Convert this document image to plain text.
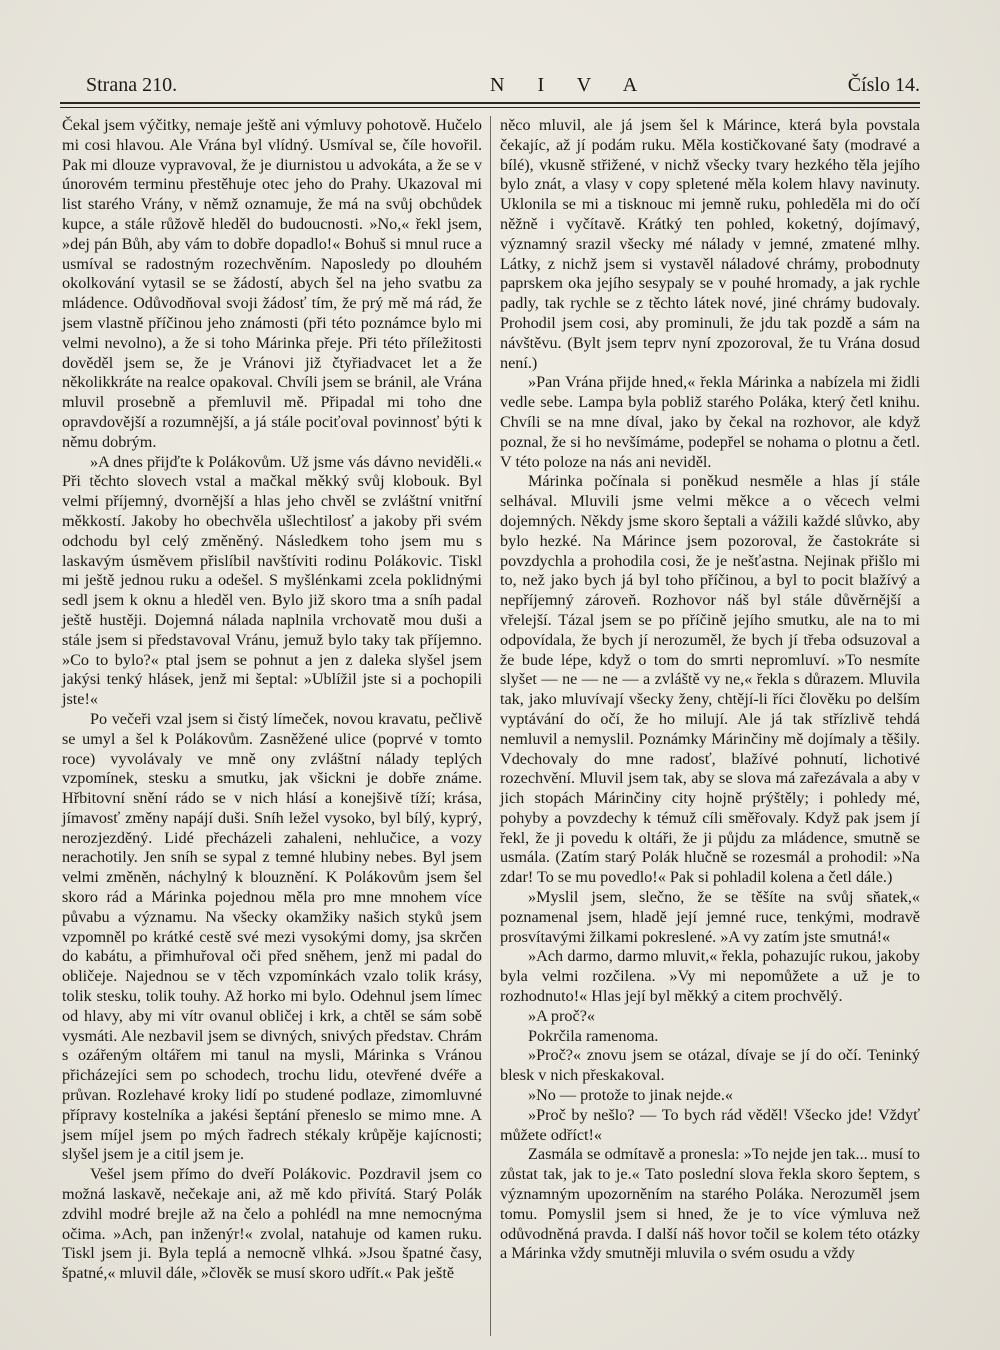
Strana 210.	N I V A	Číslo 14.

Čekal jsem výčitky, nemaje ještě ani výmluvy pohotově. Hučelo mi cosi hlavou. Ale Vrána byl vlídný. Usmíval se, číle hovořil. Pak mi dlouze vypravoval, že je diurnistou u advokáta, a že se v únorovém terminu přestěhuje otec jeho do Prahy. Ukazoval mi list starého Vrány, v němž oznamuje, že má na svůj obchůdek kupce, a stále růžově hleděl do budoucnosti. »No,« řekl jsem, »dej pán Bůh, aby vám to dobře dopadlo!« Bohuš si mnul ruce a usmíval se radostným rozechvěním. Naposledy po dlouhém okolkování vytasil se se žádostí, abych šel na jeho svatbu za mládence. Odůvodňoval svoji žádosť tím, že prý mě má rád, že jsem vlastně příčinou jeho známosti (při této poznámce bylo mi velmi nevolno), a že si toho Márinka přeje. Při této příležitosti dověděl jsem se, že je Vránovi již čtyřiadvacet let a že několikkráte na realce opakoval. Chvíli jsem se bránil, ale Vrána mluvil prosebně a přemluvil mě. Připadal mi toho dne opravdovější a rozumnější, a já stále pociťoval povinnosť býti k němu dobrým.

»A dnes přijďte k Polákovům. Už jsme vás dávno neviděli.« Při těchto slovech vstal a mačkal měkký svůj klobouk. Byl velmi příjemný, dvornější a hlas jeho chvěl se zvláštní vnitřní měkkostí. Jakoby ho obechvěla ušlechtilosť a jakoby při svém odchodu byl celý změněný. Následkem toho jsem mu s laskavým úsměvem přislíbil navštíviti rodinu Polákovic. Tiskl mi ještě jednou ruku a odešel. S myšlénkami zcela poklidnými sedl jsem k oknu a hleděl ven. Bylo již skoro tma a sníh padal ještě hustěji. Dojemná nálada naplnila vrchovatě mou duši a stále jsem si představoval Vránu, jemuž bylo taky tak příjemno. »Co to bylo?« ptal jsem se pohnut a jen z daleka slyšel jsem jakýsi tenký hlásek, jenž mi šeptal: »Ublížil jste si a pochopili jste!«

Po večeři vzal jsem si čistý límeček, novou kravatu, pečlivě se umyl a šel k Polákovům. Zasněžené ulice (poprvé v tomto roce) vyvolávaly ve mně ony zvláštní nálady teplých vzpomínek, stesku a smutku, jak všickni je dobře známe. Hřbitovní snění rádo se v nich hlásí a konejšivě tíží; krása, jímavosť změny napájí duši. Sníh ležel vysoko, byl bílý, kyprý, nerozjezděný. Lidé přecházeli zahaleni, nehlučice, a vozy nerachotily. Jen sníh se sypal z temné hlubiny nebes. Byl jsem velmi změněn, náchylný k blouznění. K Polákovům jsem šel skoro rád a Márinka pojednou měla pro mne mnohem více půvabu a významu. Na všecky okamžiky našich styků jsem vzpomněl po krátké cestě své mezi vysokými domy, jsa skrčen do kabátu, a přimhuřoval oči před sněhem, jenž mi padal do obličeje. Najednou se v těch vzpomínkách vzalo tolik krásy, tolik stesku, tolik touhy. Až horko mi bylo. Odehnul jsem límec od hlavy, aby mi vítr ovanul obličej i krk, a chtěl se sám sobě vysmáti. Ale nezbavil jsem se divných, snivých představ. Chrám s ozářeným oltářem mi tanul na mysli, Márinka s Vránou přicházejíci sem po schodech, trochu lidu, otevřené dvéře a průvan. Rozlehavé kroky lidí po studené podlaze, zimomluvné přípravy kostelníka a jakési šeptání přeneslo se mimo mne. A jsem míjel jsem po mých řadrech stékaly krůpěje kajícnosti; slyšel jsem je a citil jsem je.

Vešel jsem přímo do dveří Polákovic. Pozdravil jsem co možná laskavě, nečekaje ani, až mě kdo přivítá. Starý Polák zdvihl modré brejle až na čelo a pohlédl na mne nemocnýma očima. »Ach, pan inženýr!« zvolal, natahuje od kamen ruku. Tiskl jsem ji. Byla teplá a nemocně vlhká. »Jsou špatné časy, špatné,« mluvil dále, »člověk se musí skoro udřít.« Pak ještě

něco mluvil, ale já jsem šel k Márince, která byla povstala čekajíc, až jí podám ruku. Měla kostičkované šaty (modravé a bílé), vkusně střižené, v nichž všecky tvary hezkého těla jejího bylo znát, a vlasy v copy spletené měla kolem hlavy navinuty. Uklonila se mi a tisknouc mi jemně ruku, pohleděla mi do očí něžně i vyčítavě. Krátký ten pohled, koketný, dojímavý, významný srazil všecky mé nálady v jemné, zmatené mlhy. Látky, z nichž jsem si vystavěl náladové chrámy, probodnuty paprskem oka jejího sesypaly se v pouhé hromady, a jak rychle padly, tak rychle se z těchto látek nové, jiné chrámy budovaly. Prohodil jsem cosi, aby prominuli, že jdu tak pozdě a sám na návštěvu. (Bylt jsem teprv nyní zpozoroval, že tu Vrána dosud není.)

»Pan Vrána přijde hned,« řekla Márinka a nabízela mi židli vedle sebe. Lampa byla pobliž starého Poláka, který četl knihu. Chvíli se na mne díval, jako by čekal na rozhovor, ale když poznal, že si ho nevšímáme, podepřel se nohama o plotnu a četl. V této poloze na nás ani neviděl.

Márinka počínala si poněkud nesměle a hlas jí stále selhával. Mluvili jsme velmi měkce a o věcech velmi dojemných. Někdy jsme skoro šeptali a vážili každé slůvko, aby bylo hezké. Na Márince jsem pozoroval, že častokráte si povzdychla a prohodila cosi, že je nešťastna. Nejinak přišlo mi to, než jako bych já byl toho příčinou, a byl to pocit blažívý a nepříjemný zároveň. Rozhovor náš byl stále důvěrnější a vřelejší. Tázal jsem se po příčině jejího smutku, ale na to mi odpovídala, že bych jí nerozuměl, že bych jí třeba odsuzoval a že bude lépe, když o tom do smrti nepromluví. »To nesmíte slyšet — ne — ne — a zvláště vy ne,« řekla s důrazem. Mluvila tak, jako mluvívají všecky ženy, chtějí-li říci člověku po delším vyptávání do očí, že ho milují. Ale já tak střízlivě tehdá nemluvil a nemyslil. Poznámky Márinčiny mě dojímaly a těšily. Vdechovaly do mne radosť, blažívé pohnutí, lichotivé rozechvění. Mluvil jsem tak, aby se slova má zařezávala a aby v jich stopách Márinčiny city hojně prýštěly; i pohledy mé, pohyby a povzdechy k témuž cíli směřovaly. Když pak jsem jí řekl, že ji povedu k oltáři, že ji půjdu za mládence, smutně se usmála. (Zatím starý Polák hlučně se rozesmál a prohodil: »Na zdar! To se mu povedlo!« Pak si pohladil kolena a četl dále.)

»Myslil jsem, slečno, že se těšíte na svůj sňatek,« poznamenal jsem, hladě její jemné ruce, tenkými, modravě prosvítavými žilkami pokreslené. »A vy zatím jste smutná!«

»Ach darmo, darmo mluvit,« řekla, pohazujíc rukou, jakoby byla velmi rozčilena. »Vy mi nepomůžete a už je to rozhodnuto!« Hlas její byl měkký a citem prochvělý.

»A proč?«

Pokrčila ramenoma.

»Proč?« znovu jsem se otázal, dívaje se jí do očí. Teninký blesk v nich přeskakoval.

»No — protože to jinak nejde.«

»Proč by nešlo? — To bych rád věděl! Všecko jde! Vždyť můžete odříct!«

Zasmála se odmítavě a pronesla: »To nejde jen tak... musí to zůstat tak, jak to je.« Tato poslední slova řekla skoro šeptem, s významným upozorněním na starého Poláka. Nerozuměl jsem tomu. Pomyslil jsem si hned, že je to více výmluva než odůvodněná pravda. I další náš hovor točil se kolem této otázky a Márinka vždy smutněji mluvila o svém osudu a vždy
